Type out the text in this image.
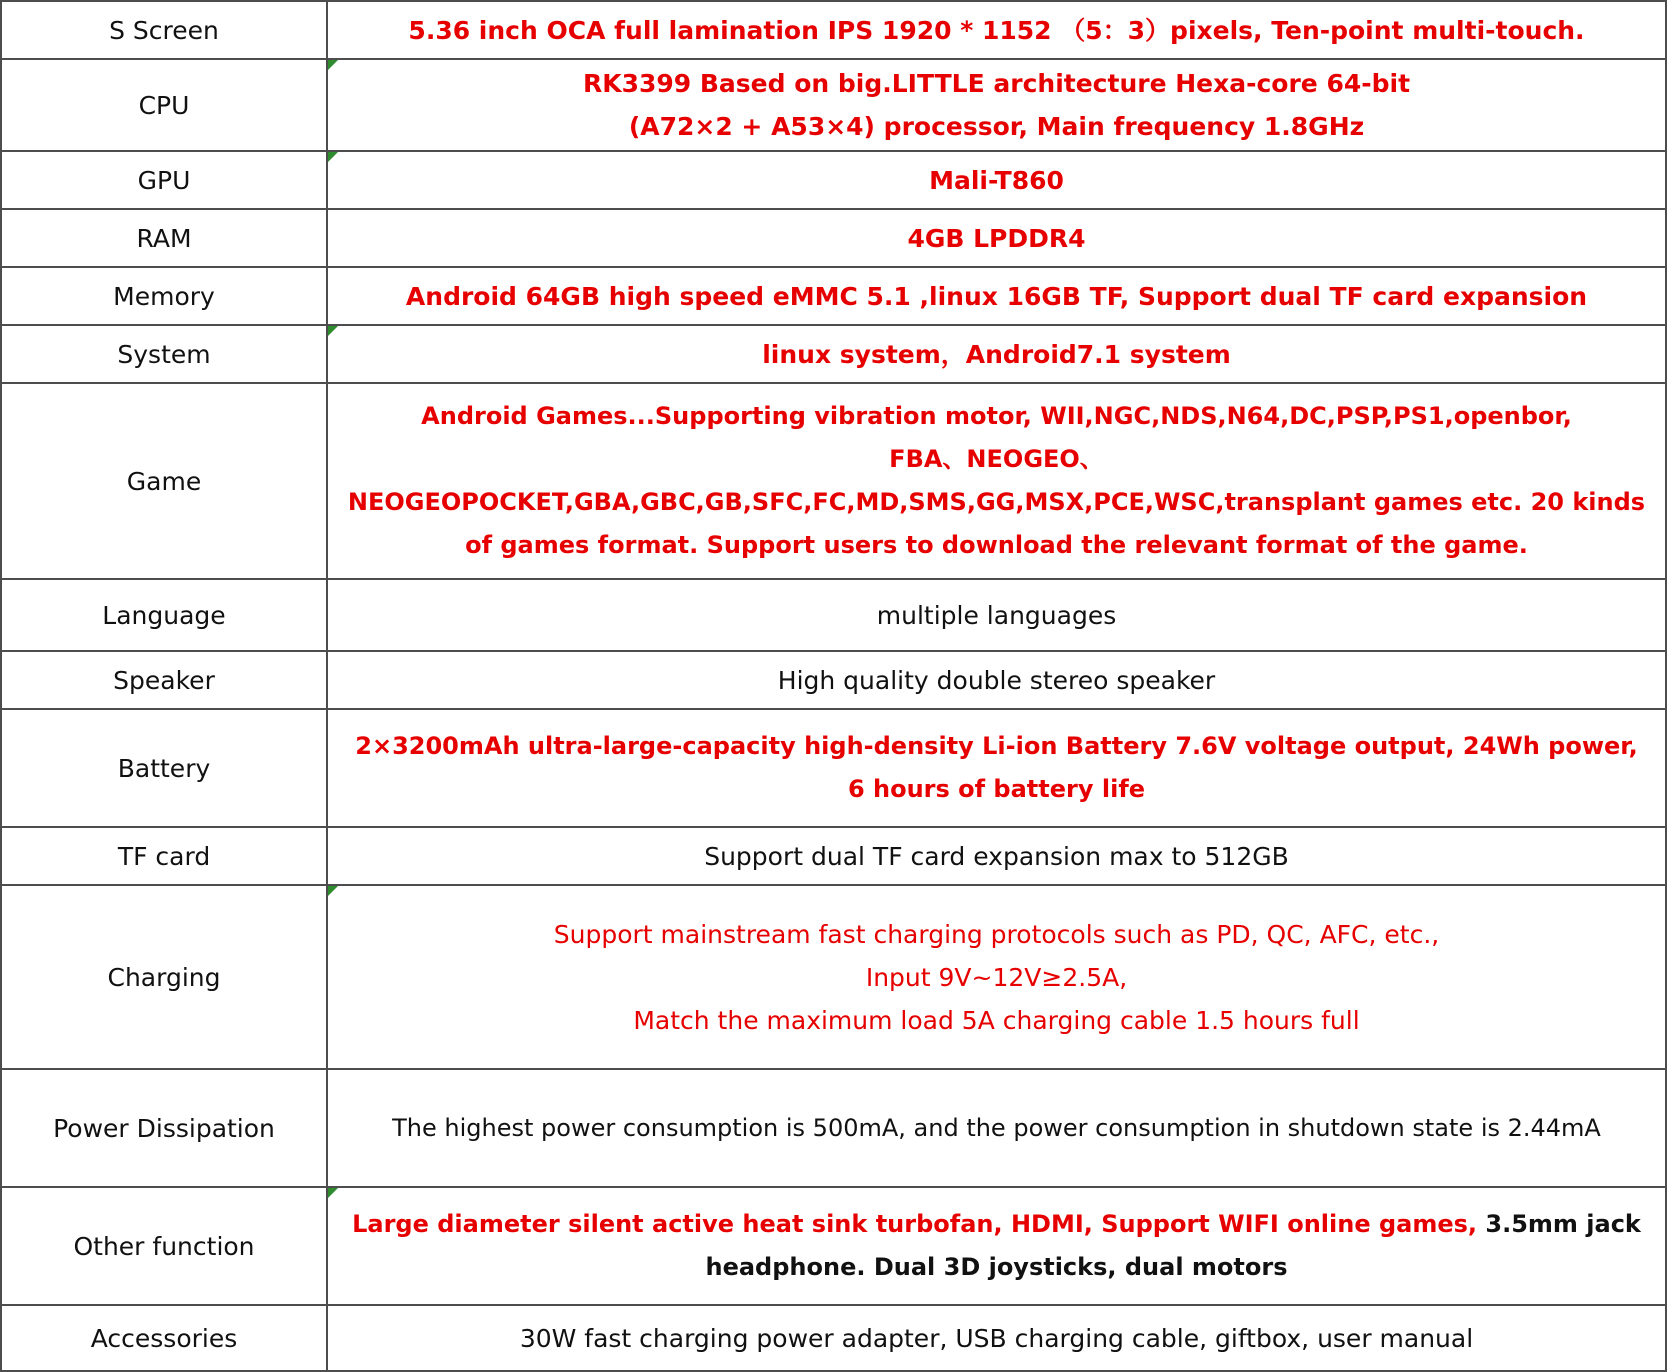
S Screen	5.36 inch OCA full lamination IPS 1920 * 1152 （5：3）pixels, Ten-point multi-touch.

CPU	RK3399 Based on big.LITTLE architecture Hexa-core 64-bit
(A72×2 + A53×4) processor, Main frequency 1.8GHz

GPU	Mali-T860

RAM	4GB LPDDR4

Memory	Android 64GB high speed eMMC 5.1 ,linux 16GB TF, Support dual TF card expansion

System	linux system，Android7.1 system

Game	Android Games...Supporting vibration motor, WII,NGC,NDS,N64,DC,PSP,PS1,openbor,
FBA、NEOGEO、
NEOGEOPOCKET,GBA,GBC,GB,SFC,FC,MD,SMS,GG,MSX,PCE,WSC,transplant games etc. 20 kinds of games format. Support users to download the relevant format of the game.

Language	multiple languages

Speaker	High quality double stereo speaker

Battery	2×3200mAh ultra-large-capacity high-density Li-ion Battery 7.6V voltage output, 24Wh power,
6 hours of battery life

TF card	Support dual TF card expansion max to 512GB

Charging	Support mainstream fast charging protocols such as PD, QC, AFC, etc.,
Input 9V~12V≥2.5A,
Match the maximum load 5A charging cable 1.5 hours full

Power Dissipation	The highest power consumption is 500mA, and the power consumption in shutdown state is 2.44mA

Other function	Large diameter silent active heat sink turbofan, HDMI, Support WIFI online games, 3.5mm jack
headphone. Dual 3D joysticks, dual motors

Accessories	30W fast charging power adapter, USB charging cable, giftbox, user manual
